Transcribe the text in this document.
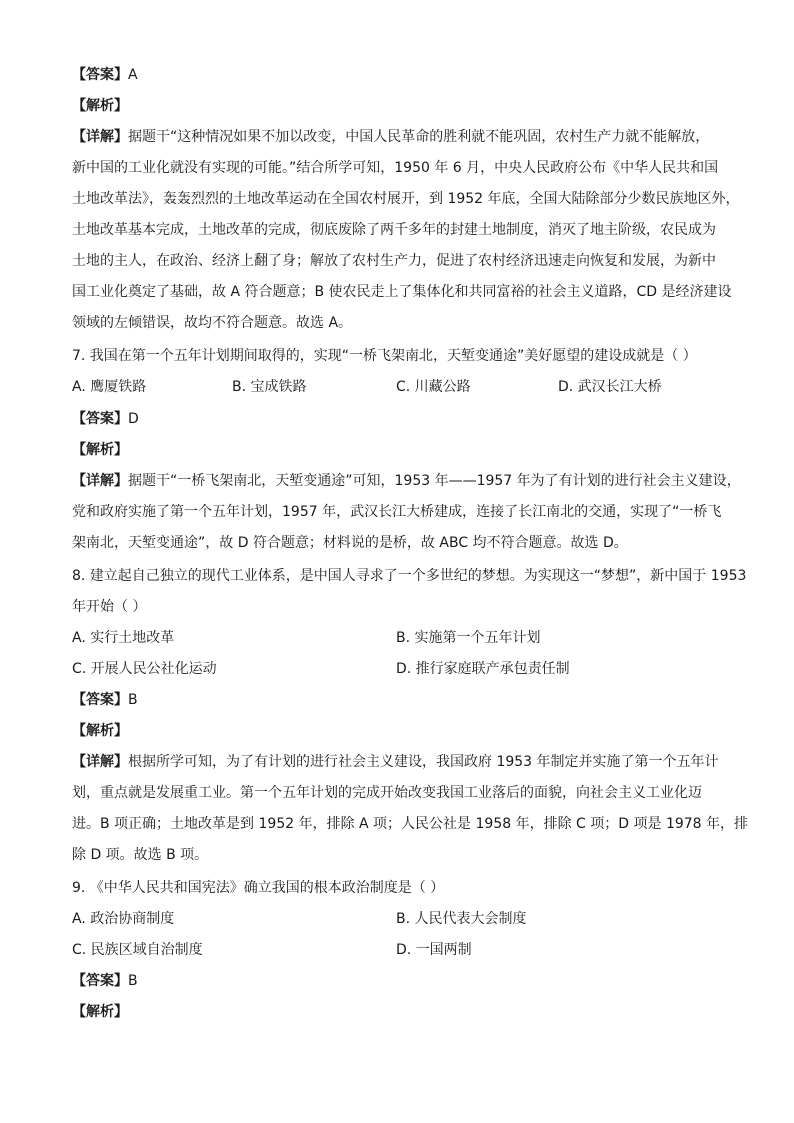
【答案】A
【解析】
【详解】据题干“这种情况如果不加以改变，中国人民革命的胜利就不能巩固，农村生产力就不能解放，
新中国的工业化就没有实现的可能。”结合所学可知，1950 年 6 月，中央人民政府公布《中华人民共和国
土地改革法》，轰轰烈烈的土地改革运动在全国农村展开，到 1952 年底，全国大陆除部分少数民族地区外，
土地改革基本完成，土地改革的完成，彻底废除了两千多年的封建土地制度，消灭了地主阶级，农民成为
土地的主人，在政治、经济上翻了身；解放了农村生产力，促进了农村经济迅速走向恢复和发展，为新中
国工业化奠定了基础，故 A 符合题意；B 使农民走上了集体化和共同富裕的社会主义道路，CD 是经济建设
领域的左倾错误，故均不符合题意。故选 A。
7. 我国在第一个五年计划期间取得的，实现“一桥飞架南北，天堑变通途”美好愿望的建设成就是（ ）
A. 鹰厦铁路	B. 宝成铁路	C. 川藏公路	D. 武汉长江大桥
【答案】D
【解析】
【详解】据题干“一桥飞架南北，天堑变通途”可知，1953 年——1957 年为了有计划的进行社会主义建设，
党和政府实施了第一个五年计划，1957 年，武汉长江大桥建成，连接了长江南北的交通，实现了“一桥飞
架南北，天堑变通途”，故 D 符合题意；材料说的是桥，故 ABC 均不符合题意。故选 D。
8. 建立起自己独立的现代工业体系，是中国人寻求了一个多世纪的梦想。为实现这一“梦想”，新中国于 1953
年开始（ ）
A. 实行土地改革	B. 实施第一个五年计划
C. 开展人民公社化运动	D. 推行家庭联产承包责任制
【答案】B
【解析】
【详解】根据所学可知，为了有计划的进行社会主义建设，我国政府 1953 年制定并实施了第一个五年计
划，重点就是发展重工业。第一个五年计划的完成开始改变我国工业落后的面貌，向社会主义工业化迈
进。B 项正确；土地改革是到 1952 年，排除 A 项；人民公社是 1958 年，排除 C 项；D 项是 1978 年，排
除 D 项。故选 B 项。
9. 《中华人民共和国宪法》确立我国的根本政治制度是（ ）
A. 政治协商制度	B. 人民代表大会制度
C. 民族区域自治制度	D. 一国两制
【答案】B
【解析】
